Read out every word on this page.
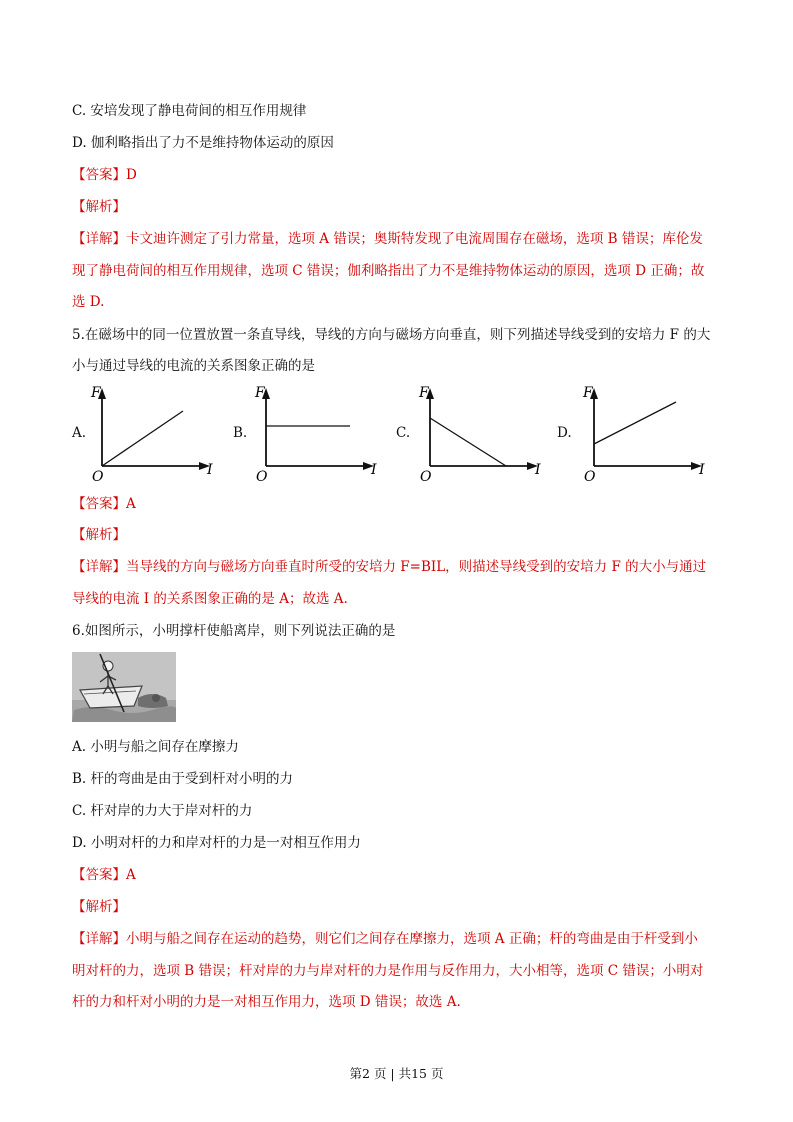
C. 安培发现了静电荷间的相互作用规律
D. 伽利略指出了力不是维持物体运动的原因
【答案】D
【解析】
【详解】卡文迪许测定了引力常量，选项 A 错误；奥斯特发现了电流周围存在磁场，选项 B 错误；库伦发
现了静电荷间的相互作用规律，选项 C 错误；伽利略指出了力不是维持物体运动的原因，选项 D 正确；故
选 D.
5.在磁场中的同一位置放置一条直导线，导线的方向与磁场方向垂直，则下列描述导线受到的安培力 F 的大
小与通过导线的电流的关系图象正确的是
A.
F
I
O
B.
F
I
O
C.
F
I
O
D.
F
I
O
【答案】A
【解析】
【详解】当导线的方向与磁场方向垂直时所受的安培力 F=BIL，则描述导线受到的安培力 F 的大小与通过
导线的电流 I 的关系图象正确的是 A；故选 A.
6.如图所示，小明撑杆使船离岸，则下列说法正确的是
A. 小明与船之间存在摩擦力
B. 杆的弯曲是由于受到杆对小明的力
C. 杆对岸的力大于岸对杆的力
D. 小明对杆的力和岸对杆的力是一对相互作用力
【答案】A
【解析】
【详解】小明与船之间存在运动的趋势，则它们之间存在摩擦力，选项 A 正确；杆的弯曲是由于杆受到小
明对杆的力，选项 B 错误；杆对岸的力与岸对杆的力是作用与反作用力，大小相等，选项 C 错误；小明对
杆的力和杆对小明的力是一对相互作用力，选项 D 错误；故选 A.
第2 页 | 共15 页
